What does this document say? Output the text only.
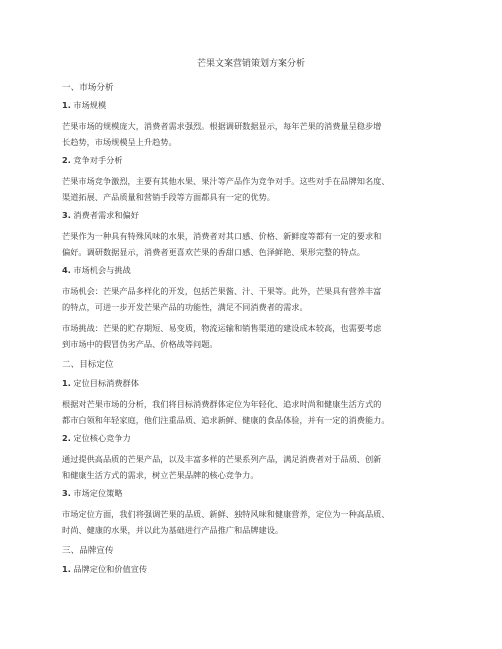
芒果文案营销策划方案分析

一、市场分析

1. 市场规模

芒果市场的规模庞大，消费者需求强烈。根据调研数据显示，每年芒果的消费量呈稳步增

长趋势，市场规模呈上升趋势。

2. 竞争对手分析

芒果市场竞争激烈，主要有其他水果、果汁等产品作为竞争对手。这些对手在品牌知名度、

渠道拓展、产品质量和营销手段等方面都具有一定的优势。

3. 消费者需求和偏好

芒果作为一种具有特殊风味的水果，消费者对其口感、价格、新鲜度等都有一定的要求和

偏好。调研数据显示，消费者更喜欢芒果的香甜口感、色泽鲜艳、果形完整的特点。

4. 市场机会与挑战

市场机会：芒果产品多样化的开发，包括芒果酱、汁、干果等。此外，芒果具有营养丰富

的特点，可进一步开发芒果产品的功能性，满足不同消费者的需求。

市场挑战：芒果的贮存期短、易变质，物流运输和销售渠道的建设成本较高，也需要考虑

到市场中的假冒伪劣产品、价格战等问题。

二、目标定位

1. 定位目标消费群体

根据对芒果市场的分析，我们将目标消费群体定位为年轻化、追求时尚和健康生活方式的

都市白领和年轻家庭，他们注重品质、追求新鲜、健康的食品体验，并有一定的消费能力。

2. 定位核心竞争力

通过提供高品质的芒果产品，以及丰富多样的芒果系列产品，满足消费者对于品质、创新

和健康生活方式的需求，树立芒果品牌的核心竞争力。

3. 市场定位策略

市场定位方面，我们将强调芒果的品质、新鲜、独特风味和健康营养，定位为一种高品质、

时尚、健康的水果，并以此为基础进行产品推广和品牌建设。

三、品牌宣传

1. 品牌定位和价值宣传
